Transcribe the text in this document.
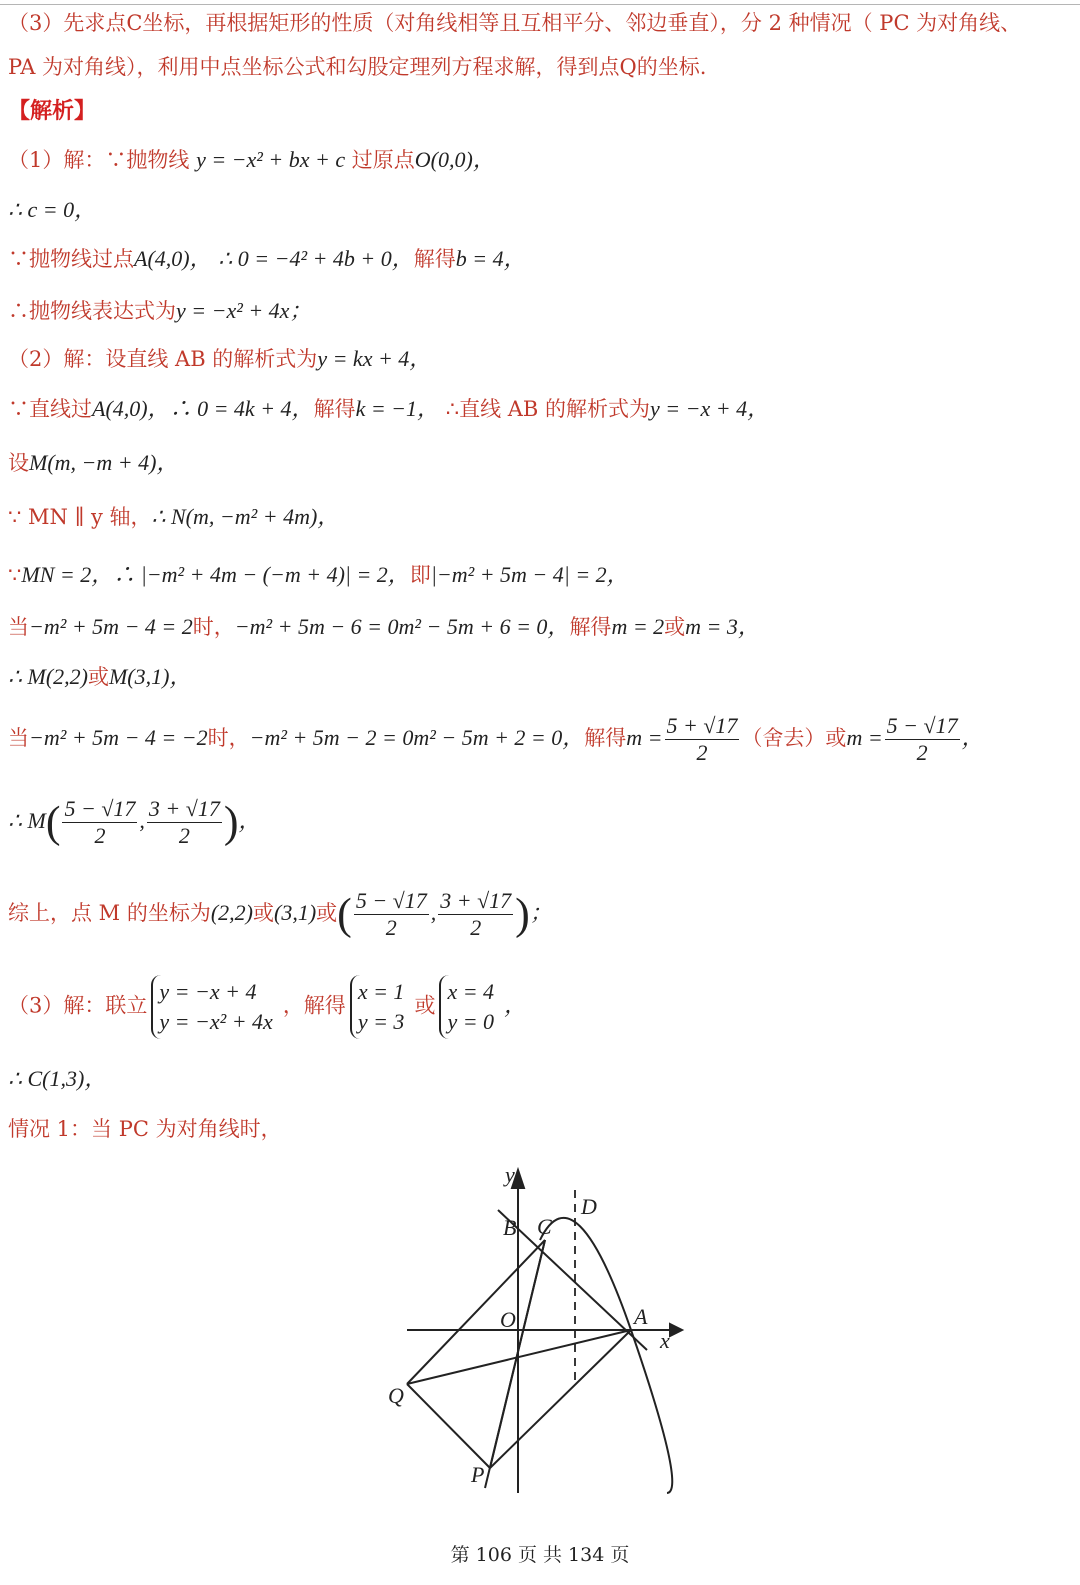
（3）先求点C坐标，再根据矩形的性质（对角线相等且互相平分、邻边垂直），分 2 种情况（ PC 为对角线、
PA 为对角线），利用中点坐标公式和勾股定理列方程求解，得到点Q的坐标.
【解析】
（1）解：∵抛物线 y = −x² + bx + c 过原点O(0,0)，
∴ c = 0，
∵抛物线过点A(4,0)， ∴ 0 = −4² + 4b + 0，解得b = 4，
∴抛物线表达式为y = −x² + 4x；
（2）解：设直线 AB 的解析式为y = kx + 4，
∵直线过A(4,0)，∴ 0 = 4k + 4，解得k = −1， ∴直线 AB 的解析式为y = −x + 4，
设M(m, −m + 4)，
∵ MN ∥ y 轴，∴ N(m, −m² + 4m)，
∵MN = 2，∴ |−m² + 4m − (−m + 4)| = 2，即|−m² + 5m − 4| = 2，
当−m² + 5m − 4 = 2时，−m² + 5m − 6 = 0m² − 5m + 6 = 0，解得m = 2或m = 3，
∴ M(2,2)或M(3,1)，
当−m² + 5m − 4 = −2时，−m² + 5m − 2 = 0m² − 5m + 2 = 0，解得$m = \frac{5 + √17}{2}$ （舍去）或$m = \frac{5 - √17}{2}$ ，
∴ $M( \frac{5 - √17}{2}$ , $\frac{3 + √17}{2}$ )，
综上，点 M 的坐标为(2,2)或(3,1)或( $\frac{5 - √17}{2}$ , $\frac{3 + √17}{2}$ )；
（3）解：联立
y = −x + 4
y = −x² + 4x
，解得
x = 1
y = 3
或
x = 4
y = 0
，
∴ C(1,3)，
情况 1：当 PC 为对角线时，
y
x
B C
D
O	A
Q
P
第 106 页 共 134 页
